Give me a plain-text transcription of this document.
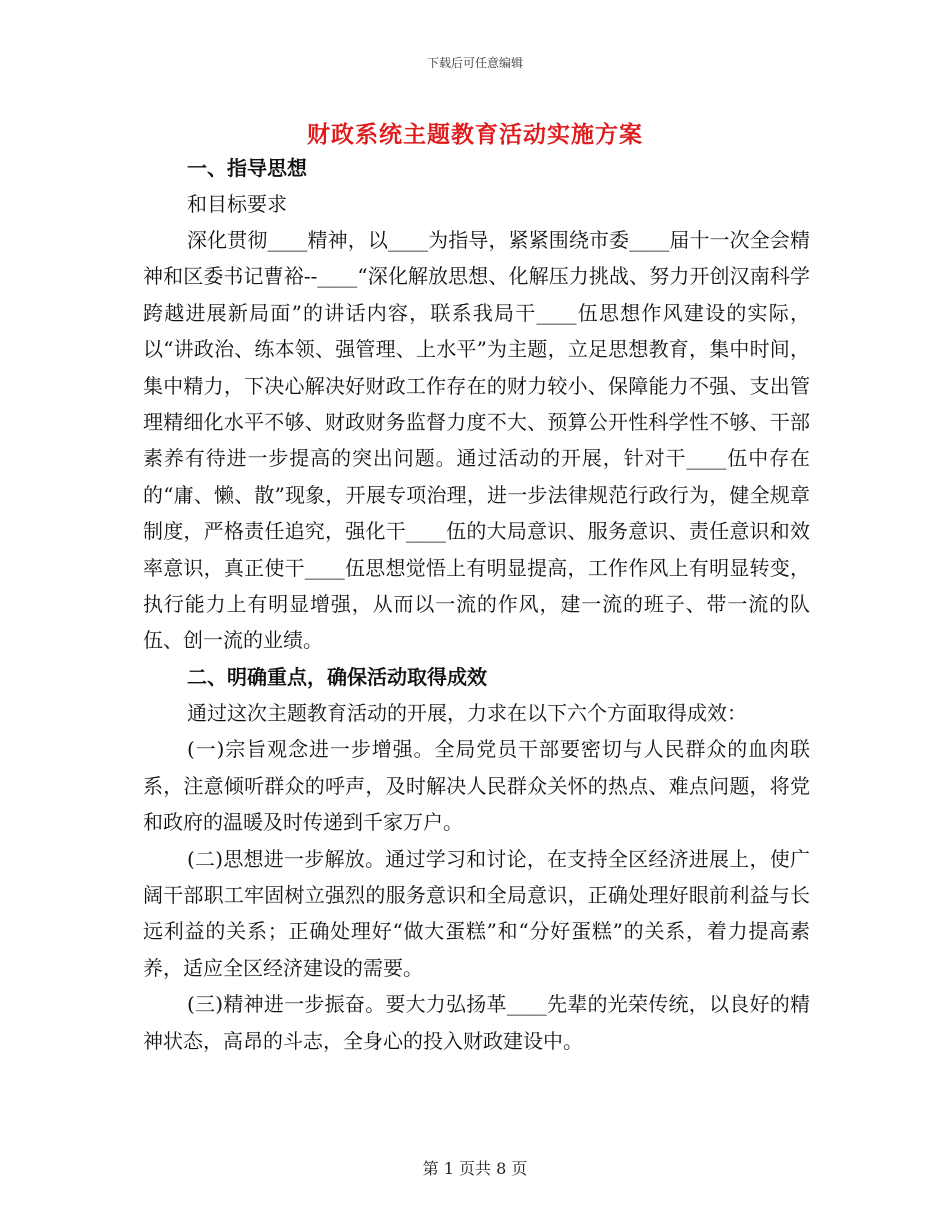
下载后可任意编辑
财政系统主题教育活动实施方案

一、指导思想

和目标要求

深化贯彻____精神，以____为指导，紧紧围绕市委____届十一次全会精神和区委书记曹裕--____“深化解放思想、化解压力挑战、努力开创汉南科学跨越进展新局面”的讲话内容，联系我局干____伍思想作风建设的实际，以“讲政治、练本领、强管理、上水平”为主题，立足思想教育，集中时间，集中精力，下决心解决好财政工作存在的财力较小、保障能力不强、支出管理精细化水平不够、财政财务监督力度不大、预算公开性科学性不够、干部素养有待进一步提高的突出问题。通过活动的开展，针对干____伍中存在的“庸、懒、散”现象，开展专项治理，进一步法律规范行政行为，健全规章制度，严格责任追究，强化干____伍的大局意识、服务意识、责任意识和效率意识，真正使干____伍思想觉悟上有明显提高，工作作风上有明显转变，执行能力上有明显增强，从而以一流的作风，建一流的班子、带一流的队伍、创一流的业绩。

二、明确重点，确保活动取得成效

通过这次主题教育活动的开展，力求在以下六个方面取得成效：

(一)宗旨观念进一步增强。全局党员干部要密切与人民群众的血肉联系，注意倾听群众的呼声，及时解决人民群众关怀的热点、难点问题，将党和政府的温暖及时传递到千家万户。

(二)思想进一步解放。通过学习和讨论，在支持全区经济进展上，使广阔干部职工牢固树立强烈的服务意识和全局意识，正确处理好眼前利益与长远利益的关系；正确处理好“做大蛋糕”和“分好蛋糕”的关系，着力提高素养，适应全区经济建设的需要。

(三)精神进一步振奋。要大力弘扬革____先辈的光荣传统，以良好的精神状态，高昂的斗志，全身心的投入财政建设中。

第 1 页共 8 页
